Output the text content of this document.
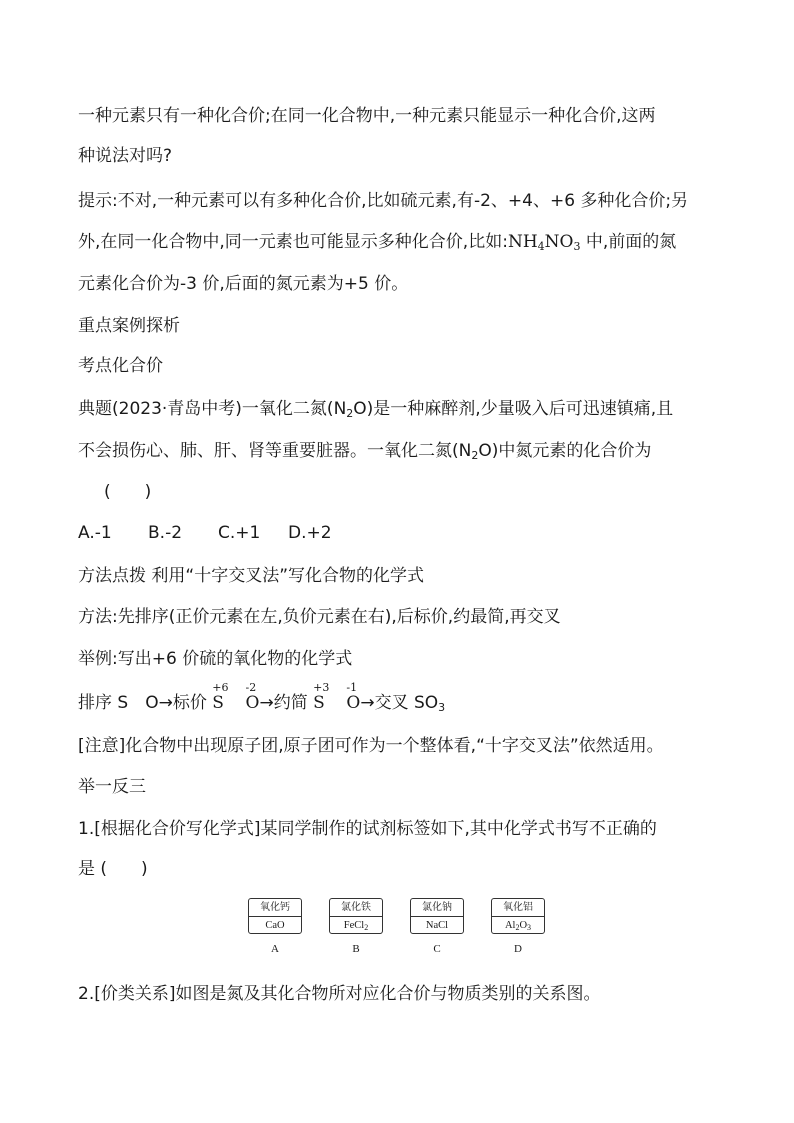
一种元素只有一种化合价;在同一化合物中,一种元素只能显示一种化合价,这两
种说法对吗?
提示:不对,一种元素可以有多种化合价,比如硫元素,有-2、+4、+6 多种化合价;另
外,在同一化合物中,同一元素也可能显示多种化合价,比如$:NH_4NO_3$ 中,前面的氮
元素化合价为-3 价,后面的氮元素为+5 价。
重点案例探析
考点化合价
典题(2023·青岛中考)一氧化二氮$(N_2O)$是一种麻醉剂,少量吸入后可迅速镇痛,且
不会损伤心、肺、肝、肾等重要脏器。一氧化二氮$(N_2O)$中氮元素的化合价为
(  )
A.-1 B.-2 C.+1 D.+2
方法点拨 利用“十字交叉法”写化合物的化学式
方法:先排序(正价元素在左,负价元素在右),后标价,约最简,再交叉
举例:写出+6 价硫的氧化物的化学式
排序 S O→标价
+6
S
-2
O→约简
+3
S
-1
O→交叉 $SO_3$
[注意]化合物中出现原子团,原子团可作为一个整体看,“十字交叉法”依然适用。
举一反三
1.[根据化合价写化学式]某同学制作的试剂标签如下,其中化学式书写不正确的
是 (  )
氧化钙
CaO
A
氯化铁
FeCl$_2$
B
氯化钠
NaCl
C
氧化铝
$Al_2O_3$
D
2.[价类关系]如图是氮及其化合物所对应化合价与物质类别的关系图。
